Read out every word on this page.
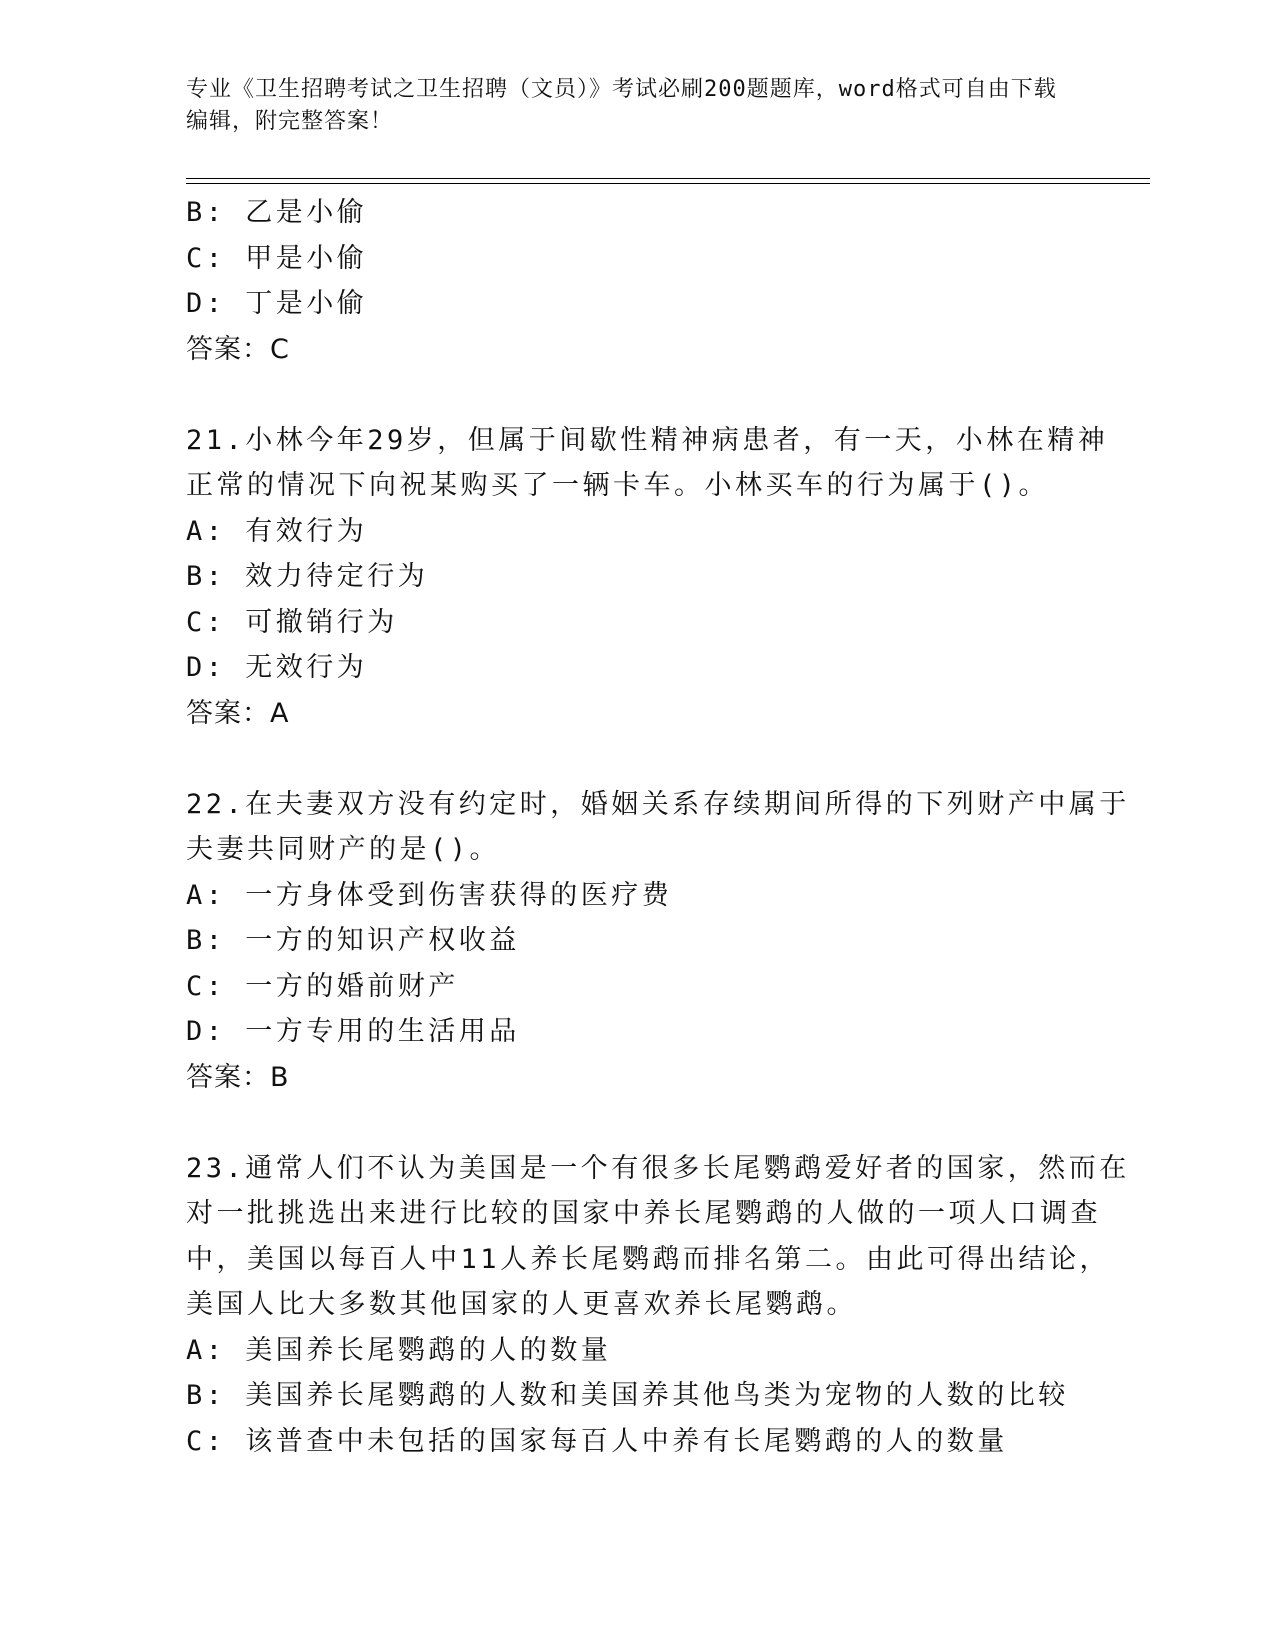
专业《卫生招聘考试之卫生招聘（文员）》考试必刷200题题库，word格式可自由下载编辑，附完整答案！
B: 乙是小偷
C: 甲是小偷
D: 丁是小偷
答案：C
21.小林今年29岁，但属于间歇性精神病患者，有一天，小林在精神
正常的情况下向祝某购买了一辆卡车。小林买车的行为属于()。
A: 有效行为
B: 效力待定行为
C: 可撤销行为
D: 无效行为
答案：A
22.在夫妻双方没有约定时，婚姻关系存续期间所得的下列财产中属于
夫妻共同财产的是()。
A: 一方身体受到伤害获得的医疗费
B: 一方的知识产权收益
C: 一方的婚前财产
D: 一方专用的生活用品
答案：B
23.通常人们不认为美国是一个有很多长尾鹦鹉爱好者的国家，然而在
对一批挑选出来进行比较的国家中养长尾鹦鹉的人做的一项人口调查
中，美国以每百人中11人养长尾鹦鹉而排名第二。由此可得出结论，
美国人比大多数其他国家的人更喜欢养长尾鹦鹉。
A: 美国养长尾鹦鹉的人的数量
B: 美国养长尾鹦鹉的人数和美国养其他鸟类为宠物的人数的比较
C: 该普查中未包括的国家每百人中养有长尾鹦鹉的人的数量
